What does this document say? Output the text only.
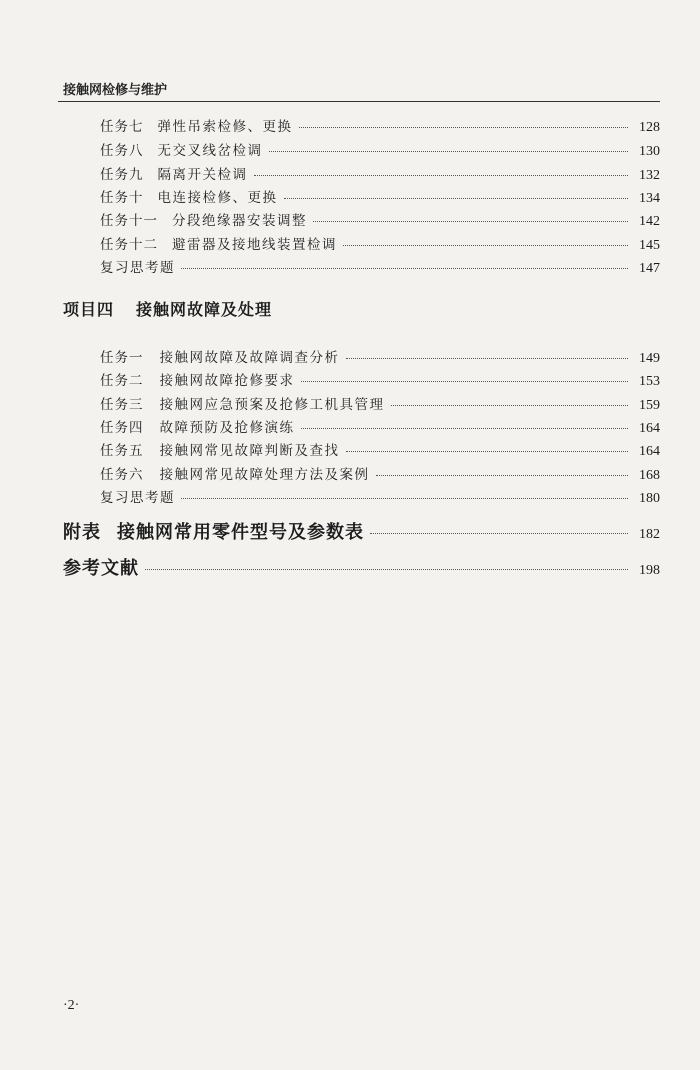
接触网检修与维护
任务七 弹性吊索检修、更换	128
任务八 无交叉线岔检调	130
任务九 隔离开关检调	132
任务十 电连接检修、更换	134
任务十一 分段绝缘器安装调整	142
任务十二 避雷器及接地线装置检调	145
复习思考题	147
项目四 接触网故障及处理
任务一 接触网故障及故障调查分析	149
任务二 接触网故障抢修要求	153
任务三 接触网应急预案及抢修工机具管理	159
任务四 故障预防及抢修演练	164
任务五 接触网常见故障判断及查找	164
任务六 接触网常见故障处理方法及案例	168
复习思考题	180
附表 接触网常用零件型号及参数表	182
参考文献	198
·2·
